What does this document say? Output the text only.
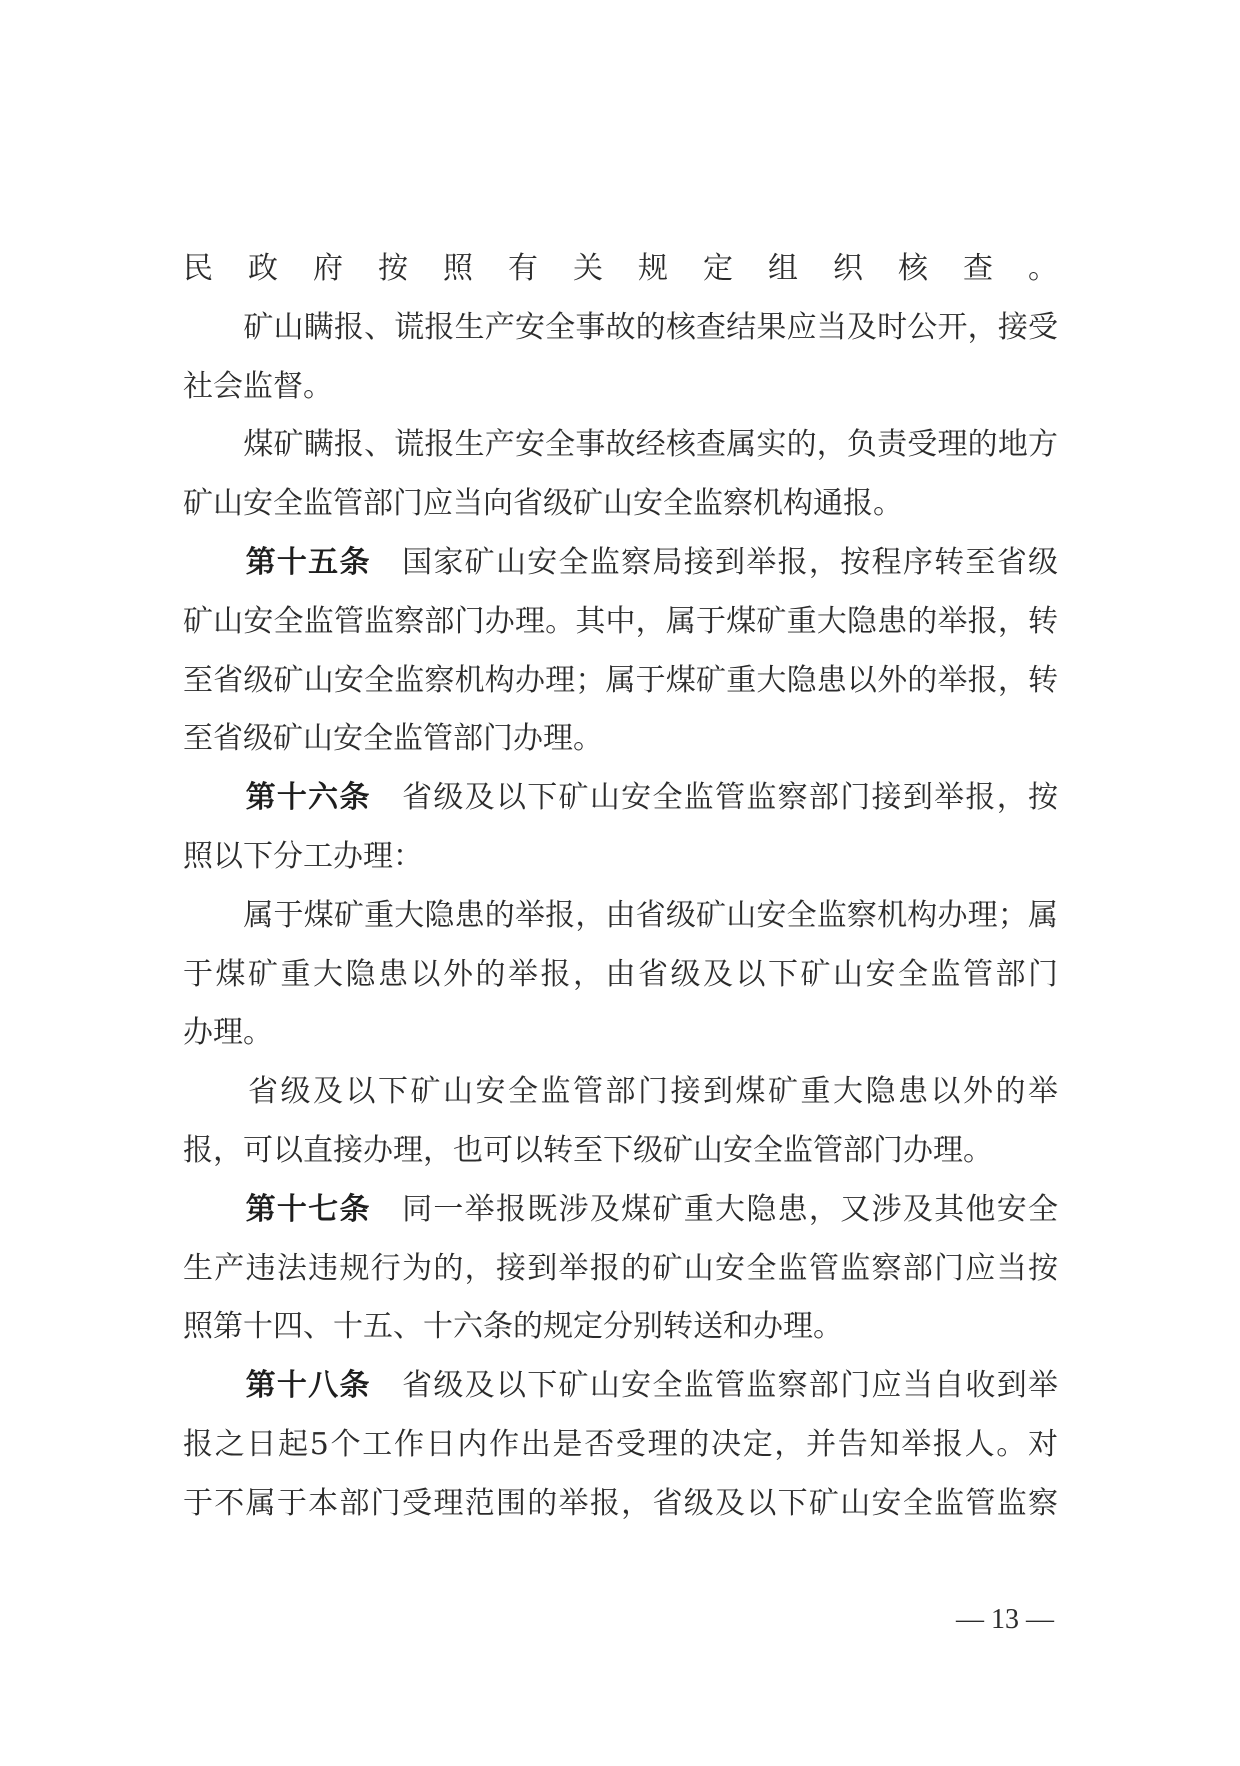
民政府按照有关规定组织核查。
　　矿山瞒报、谎报生产安全事故的核查结果应当及时公开，接受
社会监督。
　　煤矿瞒报、谎报生产安全事故经核查属实的，负责受理的地方
矿山安全监管部门应当向省级矿山安全监察机构通报。
　　第十五条 国家矿山安全监察局接到举报，按程序转至省级
矿山安全监管监察部门办理。其中，属于煤矿重大隐患的举报，转
至省级矿山安全监察机构办理；属于煤矿重大隐患以外的举报，转
至省级矿山安全监管部门办理。
　　第十六条 省级及以下矿山安全监管监察部门接到举报，按
照以下分工办理：
　　属于煤矿重大隐患的举报，由省级矿山安全监察机构办理；属
于煤矿重大隐患以外的举报，由省级及以下矿山安全监管部门
办理。
　　省级及以下矿山安全监管部门接到煤矿重大隐患以外的举
报，可以直接办理，也可以转至下级矿山安全监管部门办理。
　　第十七条 同一举报既涉及煤矿重大隐患，又涉及其他安全
生产违法违规行为的，接到举报的矿山安全监管监察部门应当按
照第十四、十五、十六条的规定分别转送和办理。
　　第十八条 省级及以下矿山安全监管监察部门应当自收到举
报之日起5个工作日内作出是否受理的决定，并告知举报人。对
于不属于本部门受理范围的举报，省级及以下矿山安全监管监察
— 13 —
